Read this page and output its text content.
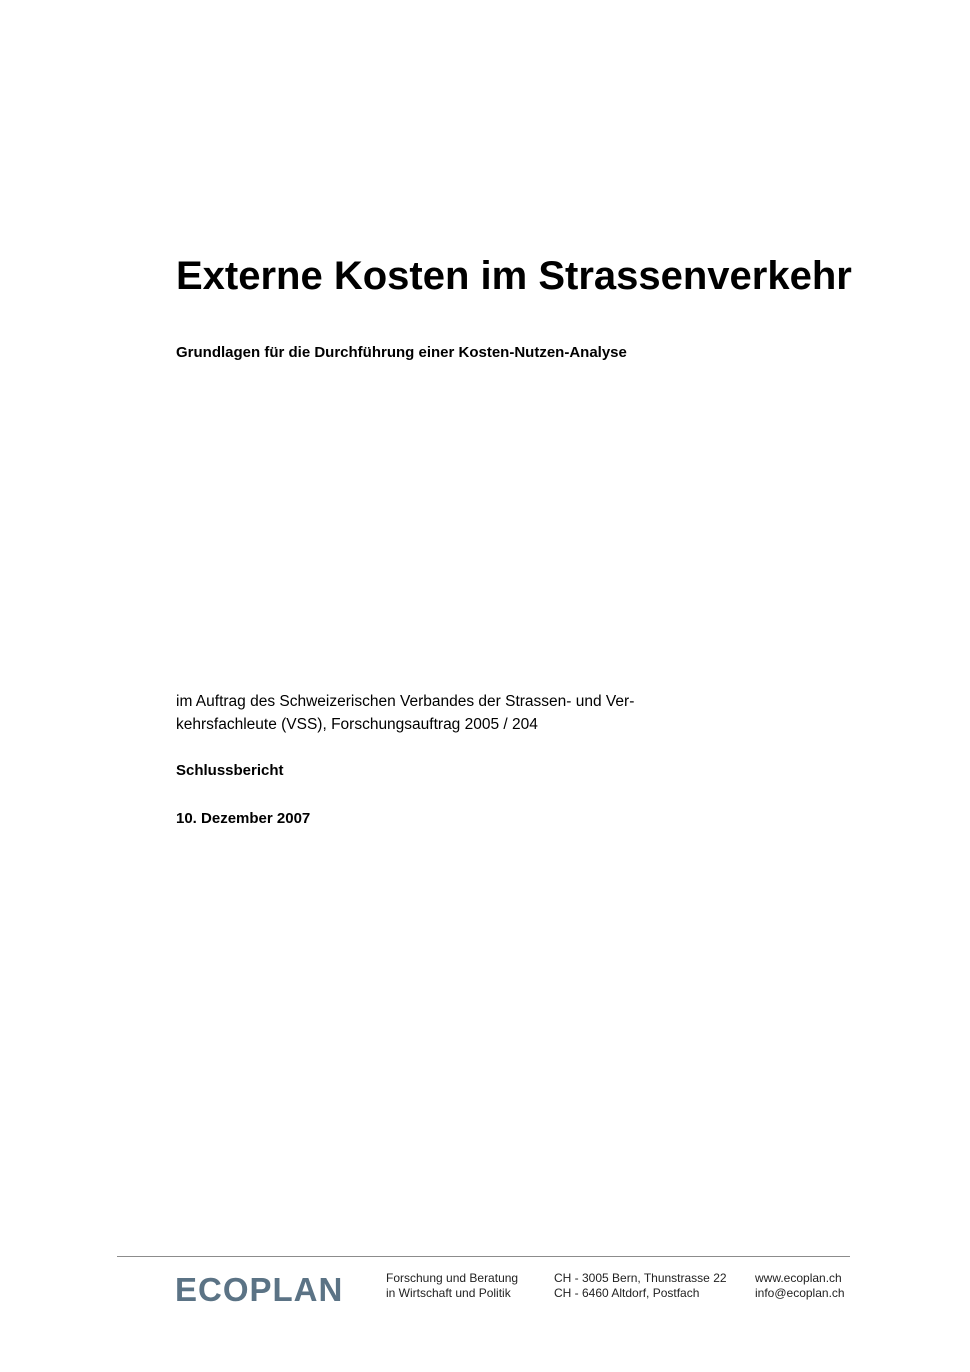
Externe Kosten im Strassenverkehr

Grundlagen für die Durchführung einer Kosten-Nutzen-Analyse

im Auftrag des Schweizerischen Verbandes der Strassen- und Ver-
kehrsfachleute (VSS), Forschungsauftrag 2005 / 204

Schlussbericht

10. Dezember 2007

ECOPLAN	Forschung und Beratung
in Wirtschaft und Politik
CH - 3005 Bern, Thunstrasse 22
CH - 6460 Altdorf, Postfach
www.ecoplan.ch
info@ecoplan.ch
